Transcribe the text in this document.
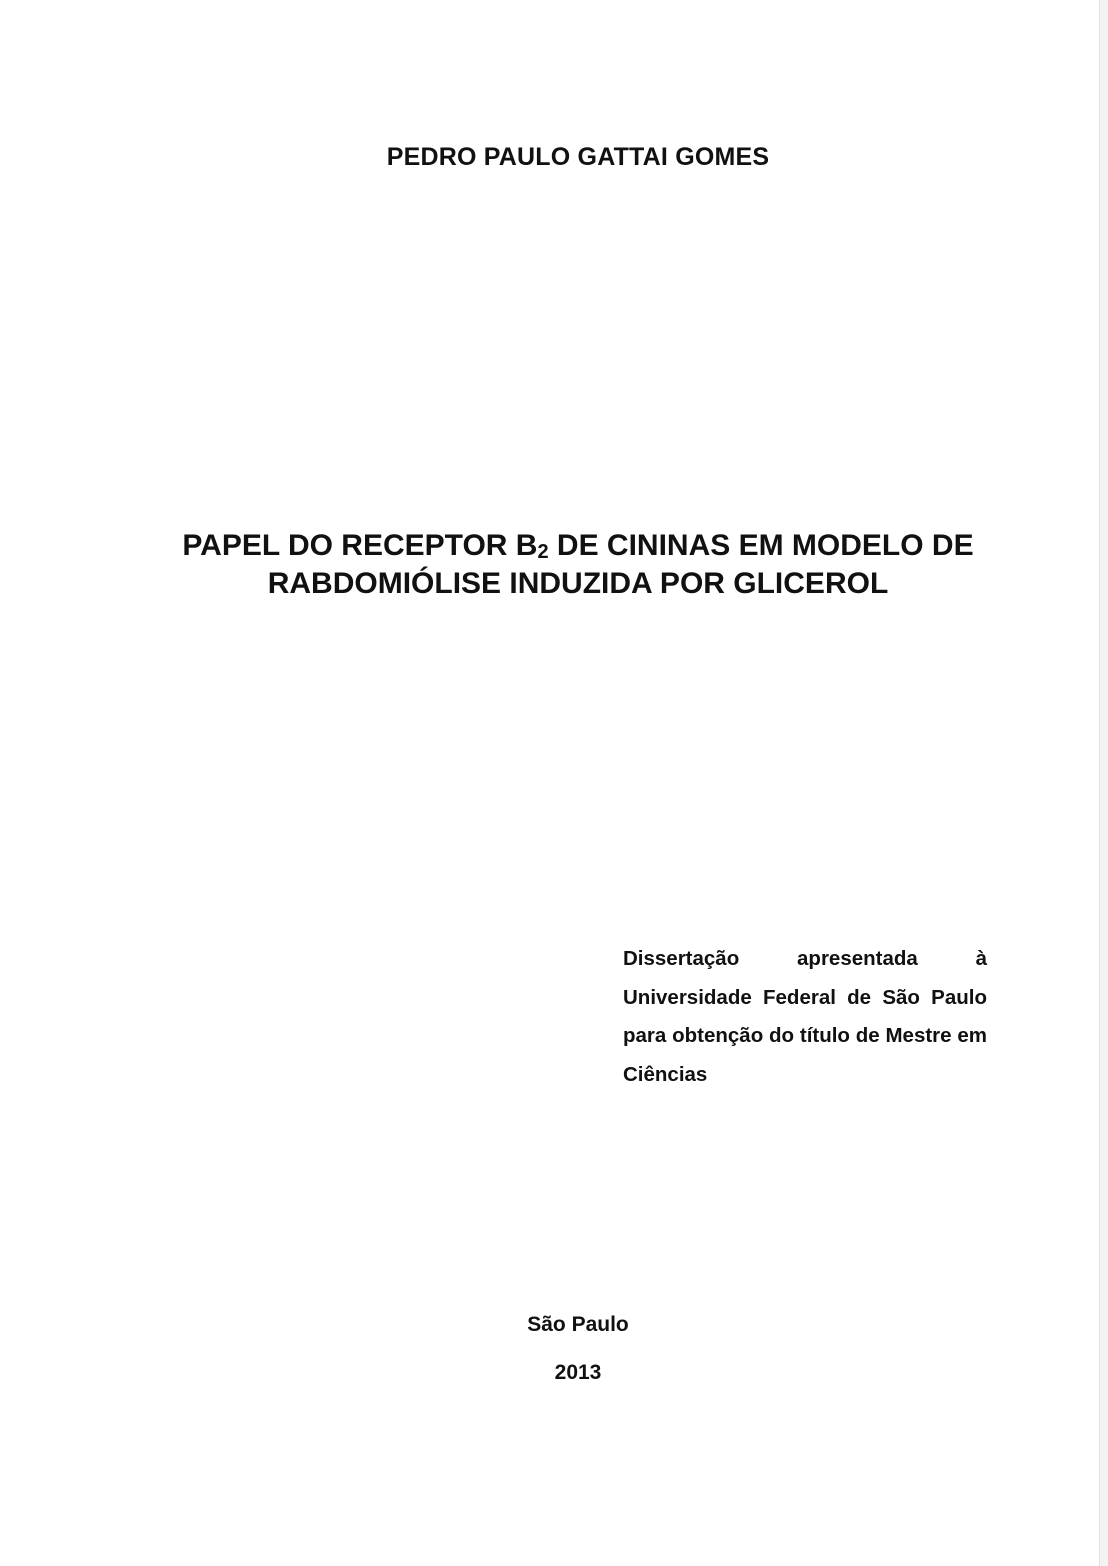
PEDRO PAULO GATTAI GOMES
PAPEL DO RECEPTOR $B_2$ DE CININAS EM MODELO DE RABDOMIÓLISE INDUZIDA POR GLICEROL

Dissertação apresentada à Universidade Federal de São Paulo para obtenção do título de Mestre em Ciências

São Paulo
2013
